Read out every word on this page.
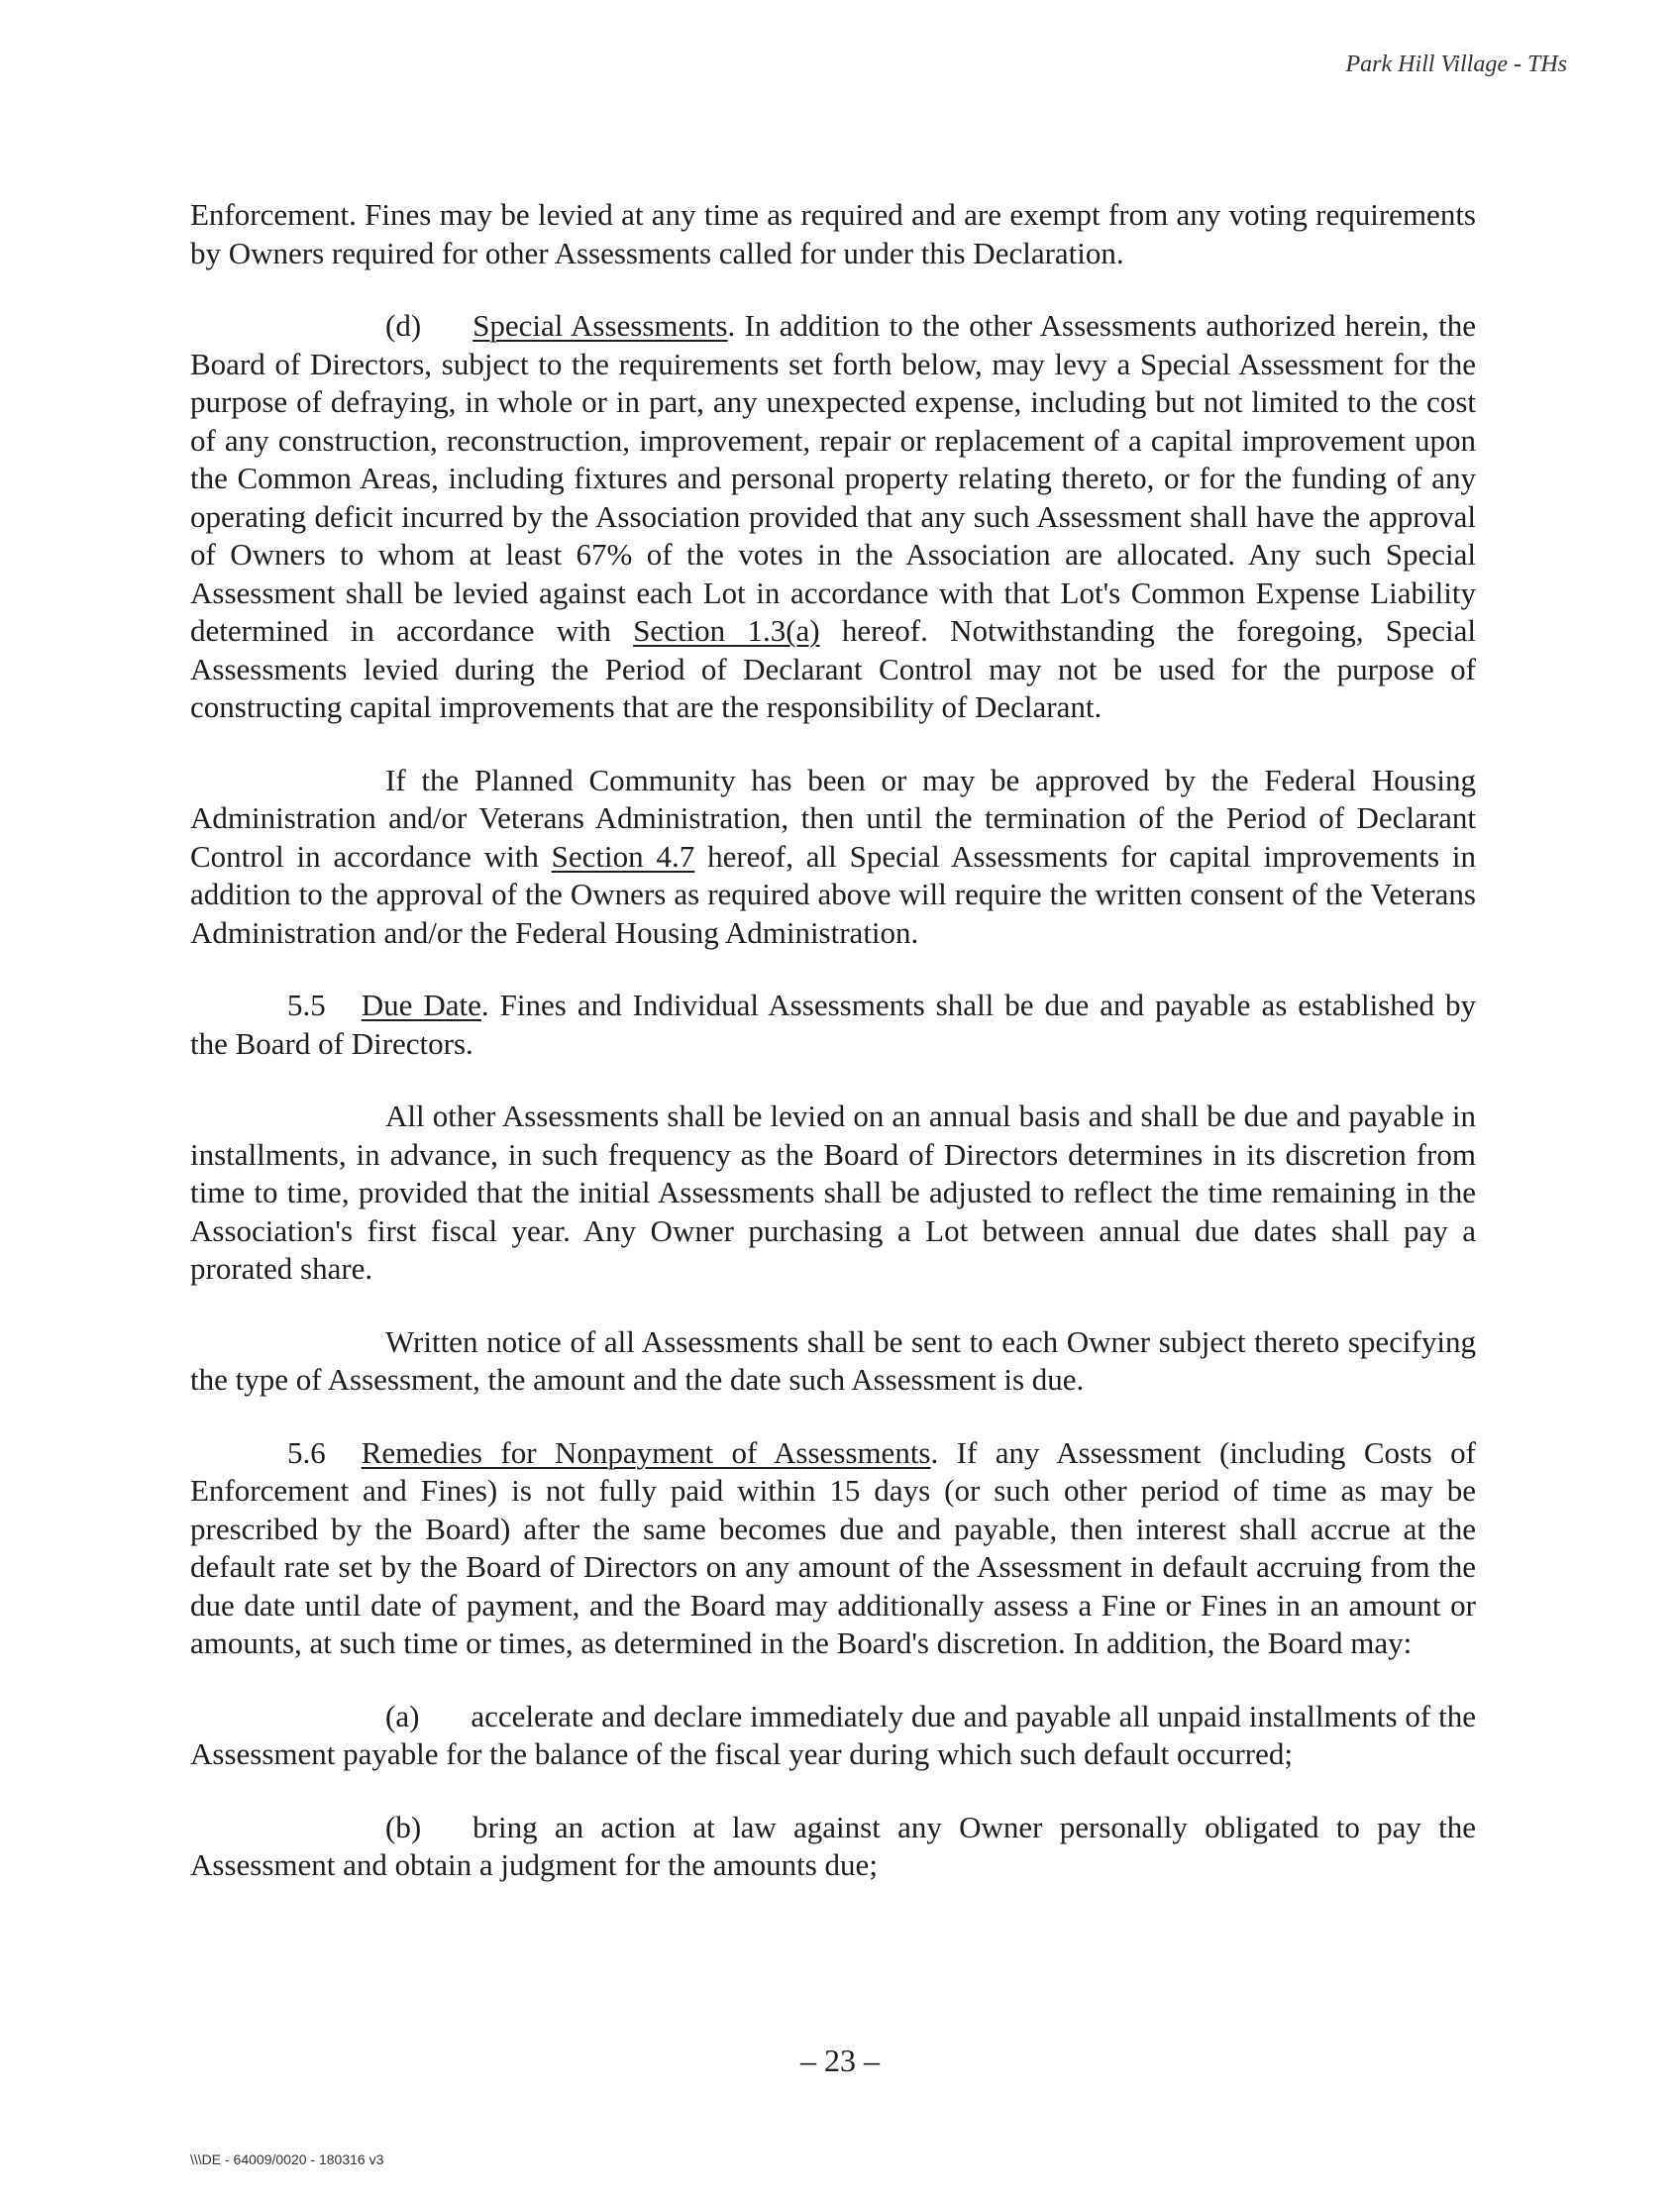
Park Hill Village - THs

Enforcement. Fines may be levied at any time as required and are exempt from any voting requirements by Owners required for other Assessments called for under this Declaration.

(d) Special Assessments. In addition to the other Assessments authorized herein, the Board of Directors, subject to the requirements set forth below, may levy a Special Assessment for the purpose of defraying, in whole or in part, any unexpected expense, including but not limited to the cost of any construction, reconstruction, improvement, repair or replacement of a capital improvement upon the Common Areas, including fixtures and personal property relating thereto, or for the funding of any operating deficit incurred by the Association provided that any such Assessment shall have the approval of Owners to whom at least 67% of the votes in the Association are allocated. Any such Special Assessment shall be levied against each Lot in accordance with that Lot's Common Expense Liability determined in accordance with Section 1.3(a) hereof. Notwithstanding the foregoing, Special Assessments levied during the Period of Declarant Control may not be used for the purpose of constructing capital improvements that are the responsibility of Declarant.

If the Planned Community has been or may be approved by the Federal Housing Administration and/or Veterans Administration, then until the termination of the Period of Declarant Control in accordance with Section 4.7 hereof, all Special Assessments for capital improvements in addition to the approval of the Owners as required above will require the written consent of the Veterans Administration and/or the Federal Housing Administration.

5.5 Due Date. Fines and Individual Assessments shall be due and payable as established by the Board of Directors.

All other Assessments shall be levied on an annual basis and shall be due and payable in installments, in advance, in such frequency as the Board of Directors determines in its discretion from time to time, provided that the initial Assessments shall be adjusted to reflect the time remaining in the Association's first fiscal year. Any Owner purchasing a Lot between annual due dates shall pay a prorated share.

Written notice of all Assessments shall be sent to each Owner subject thereto specifying the type of Assessment, the amount and the date such Assessment is due.

5.6 Remedies for Nonpayment of Assessments. If any Assessment (including Costs of Enforcement and Fines) is not fully paid within 15 days (or such other period of time as may be prescribed by the Board) after the same becomes due and payable, then interest shall accrue at the default rate set by the Board of Directors on any amount of the Assessment in default accruing from the due date until date of payment, and the Board may additionally assess a Fine or Fines in an amount or amounts, at such time or times, as determined in the Board's discretion. In addition, the Board may:

(a) accelerate and declare immediately due and payable all unpaid installments of the Assessment payable for the balance of the fiscal year during which such default occurred;

(b) bring an action at law against any Owner personally obligated to pay the Assessment and obtain a judgment for the amounts due;

– 23 –
\\\DE - 64009/0020 - 180316 v3
